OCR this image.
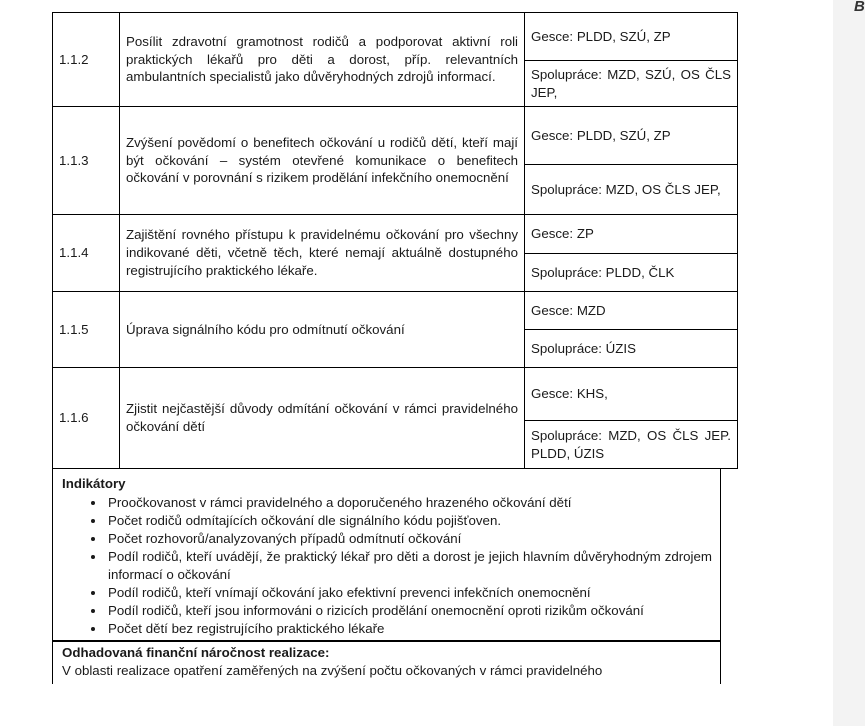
B
1.1.2	Posílit zdravotní gramotnost rodičů a podporovat aktivní roli praktických lékařů pro děti a dorost, příp. relevantních ambulantních specialistů jako důvěryhodných zdrojů informací.	Gesce: PLDD, SZÚ, ZP
		Spolupráce: MZD, SZÚ, OS ČLS JEP,
1.1.3	Zvýšení povědomí o benefitech očkování u rodičů dětí, kteří mají být očkování – systém otevřené komunikace o benefitech očkování v porovnání s rizikem prodělání infekčního onemocnění	Gesce: PLDD, SZÚ, ZP
		Spolupráce: MZD, OS ČLS JEP,
1.1.4	Zajištění rovného přístupu k pravidelnému očkování pro všechny indikované děti, včetně těch, které nemají aktuálně dostupného registrujícího praktického lékaře.	Gesce: ZP
		Spolupráce: PLDD, ČLK
1.1.5	Úprava signálního kódu pro odmítnutí očkování	Gesce: MZD
		Spolupráce: ÚZIS
1.1.6	Zjistit nejčastější důvody odmítání očkování v rámci pravidelného očkování dětí	Gesce: KHS,
		Spolupráce: MZD, OS ČLS JEP. PLDD, ÚZIS
Indikátory
• Proočkovanost v rámci pravidelného a doporučeného hrazeného očkování dětí
• Počet rodičů odmítajících očkování dle signálního kódu pojišťoven.
• Počet rozhovorů/analyzovaných případů odmítnutí očkování
• Podíl rodičů, kteří uvádějí, že praktický lékař pro děti a dorost je jejich hlavním důvěryhodným zdrojem informací o očkování
• Podíl rodičů, kteří vnímají očkování jako efektivní prevenci infekčních onemocnění
• Podíl rodičů, kteří jsou informováni o rizicích prodělání onemocnění oproti rizikům očkování
• Počet dětí bez registrujícího praktického lékaře
Odhadovaná finanční náročnost realizace:
V oblasti realizace opatření zaměřených na zvýšení počtu očkovaných v rámci pravidelného
